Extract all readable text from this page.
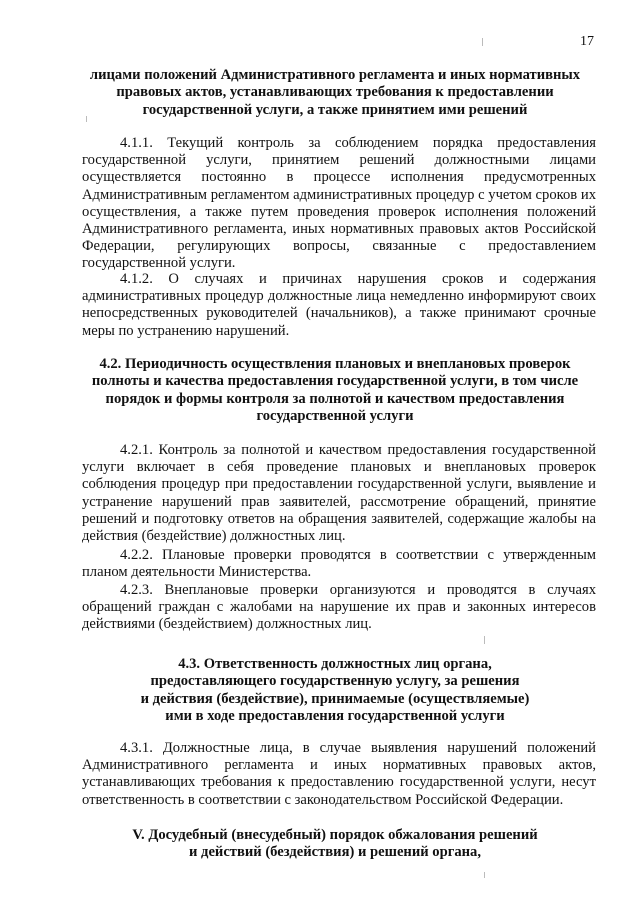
17
лицами положений Административного регламента и иных нормативных
правовых актов, устанавливающих требования к предоставлении
государственной услуги, а также принятием ими решений
4.1.1. Текущий контроль за соблюдением порядка предоставления государственной услуги, принятием решений должностными лицами осуществляется постоянно в процессе исполнения предусмотренных Административным регламентом административных процедур с учетом сроков их осуществления, а также путем проведения проверок исполнения положений Административного регламента, иных нормативных правовых актов Российской Федерации, регулирующих вопросы, связанные с предоставлением государственной услуги.
4.1.2. О случаях и причинах нарушения сроков и содержания административных процедур должностные лица немедленно информируют своих непосредственных руководителей (начальников), а также принимают срочные меры по устранению нарушений.
4.2. Периодичность осуществления плановых и внеплановых проверок
полноты и качества предоставления государственной услуги, в том числе
порядок и формы контроля за полнотой и качеством предоставления
государственной услуги
4.2.1. Контроль за полнотой и качеством предоставления государственной услуги включает в себя проведение плановых и внеплановых проверок соблюдения процедур при предоставлении государственной услуги, выявление и устранение нарушений прав заявителей, рассмотрение обращений, принятие решений и подготовку ответов на обращения заявителей, содержащие жалобы на действия (бездействие) должностных лиц.
4.2.2. Плановые проверки проводятся в соответствии с утвержденным планом деятельности Министерства.
4.2.3. Внеплановые проверки организуются и проводятся в случаях обращений граждан с жалобами на нарушение их прав и законных интересов действиями (бездействием) должностных лиц.
4.3. Ответственность должностных лиц органа,
предоставляющего государственную услугу, за решения
и действия (бездействие), принимаемые (осуществляемые)
ими в ходе предоставления государственной услуги
4.3.1. Должностные лица, в случае выявления нарушений положений Административного регламента и иных нормативных правовых актов, устанавливающих требования к предоставлению государственной услуги, несут ответственность в соответствии с законодательством Российской Федерации.
V. Досудебный (внесудебный) порядок обжалования решений
и действий (бездействия) и решений органа,
